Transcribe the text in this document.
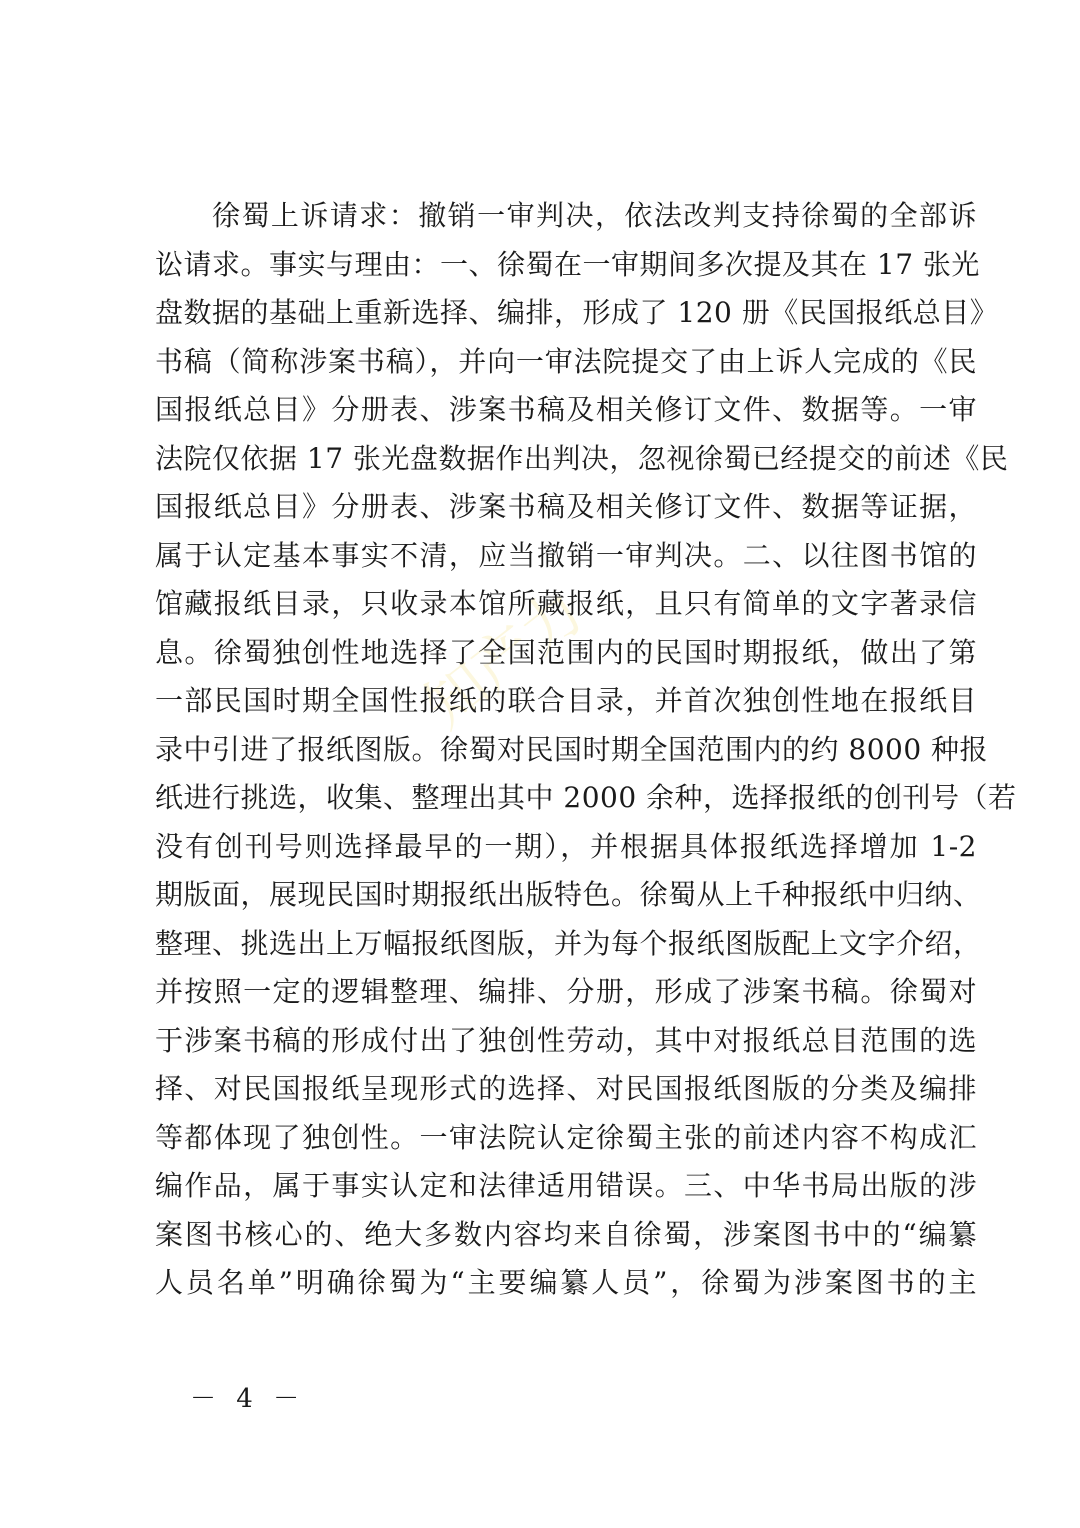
知产力
徐蜀上诉请求：撤销一审判决，依法改判支持徐蜀的全部诉
讼请求。事实与理由：一、徐蜀在一审期间多次提及其在 17 张光
盘数据的基础上重新选择、编排，形成了 120 册《民国报纸总目》
书稿（简称涉案书稿），并向一审法院提交了由上诉人完成的《民
国报纸总目》分册表、涉案书稿及相关修订文件、数据等。一审
法院仅依据 17 张光盘数据作出判决，忽视徐蜀已经提交的前述《民
国报纸总目》分册表、涉案书稿及相关修订文件、数据等证据，
属于认定基本事实不清，应当撤销一审判决。二、以往图书馆的
馆藏报纸目录，只收录本馆所藏报纸，且只有简单的文字著录信
息。徐蜀独创性地选择了全国范围内的民国时期报纸，做出了第
一部民国时期全国性报纸的联合目录，并首次独创性地在报纸目
录中引进了报纸图版。徐蜀对民国时期全国范围内的约 8000 种报
纸进行挑选，收集、整理出其中 2000 余种，选择报纸的创刊号（若
没有创刊号则选择最早的一期），并根据具体报纸选择增加 1-2
期版面，展现民国时期报纸出版特色。徐蜀从上千种报纸中归纳、
整理、挑选出上万幅报纸图版，并为每个报纸图版配上文字介绍，
并按照一定的逻辑整理、编排、分册，形成了涉案书稿。徐蜀对
于涉案书稿的形成付出了独创性劳动，其中对报纸总目范围的选
择、对民国报纸呈现形式的选择、对民国报纸图版的分类及编排
等都体现了独创性。一审法院认定徐蜀主张的前述内容不构成汇
编作品，属于事实认定和法律适用错误。三、中华书局出版的涉
案图书核心的、绝大多数内容均来自徐蜀，涉案图书中的“编纂
人员名单”明确徐蜀为“主要编纂人员”，徐蜀为涉案图书的主
－ 4 －
